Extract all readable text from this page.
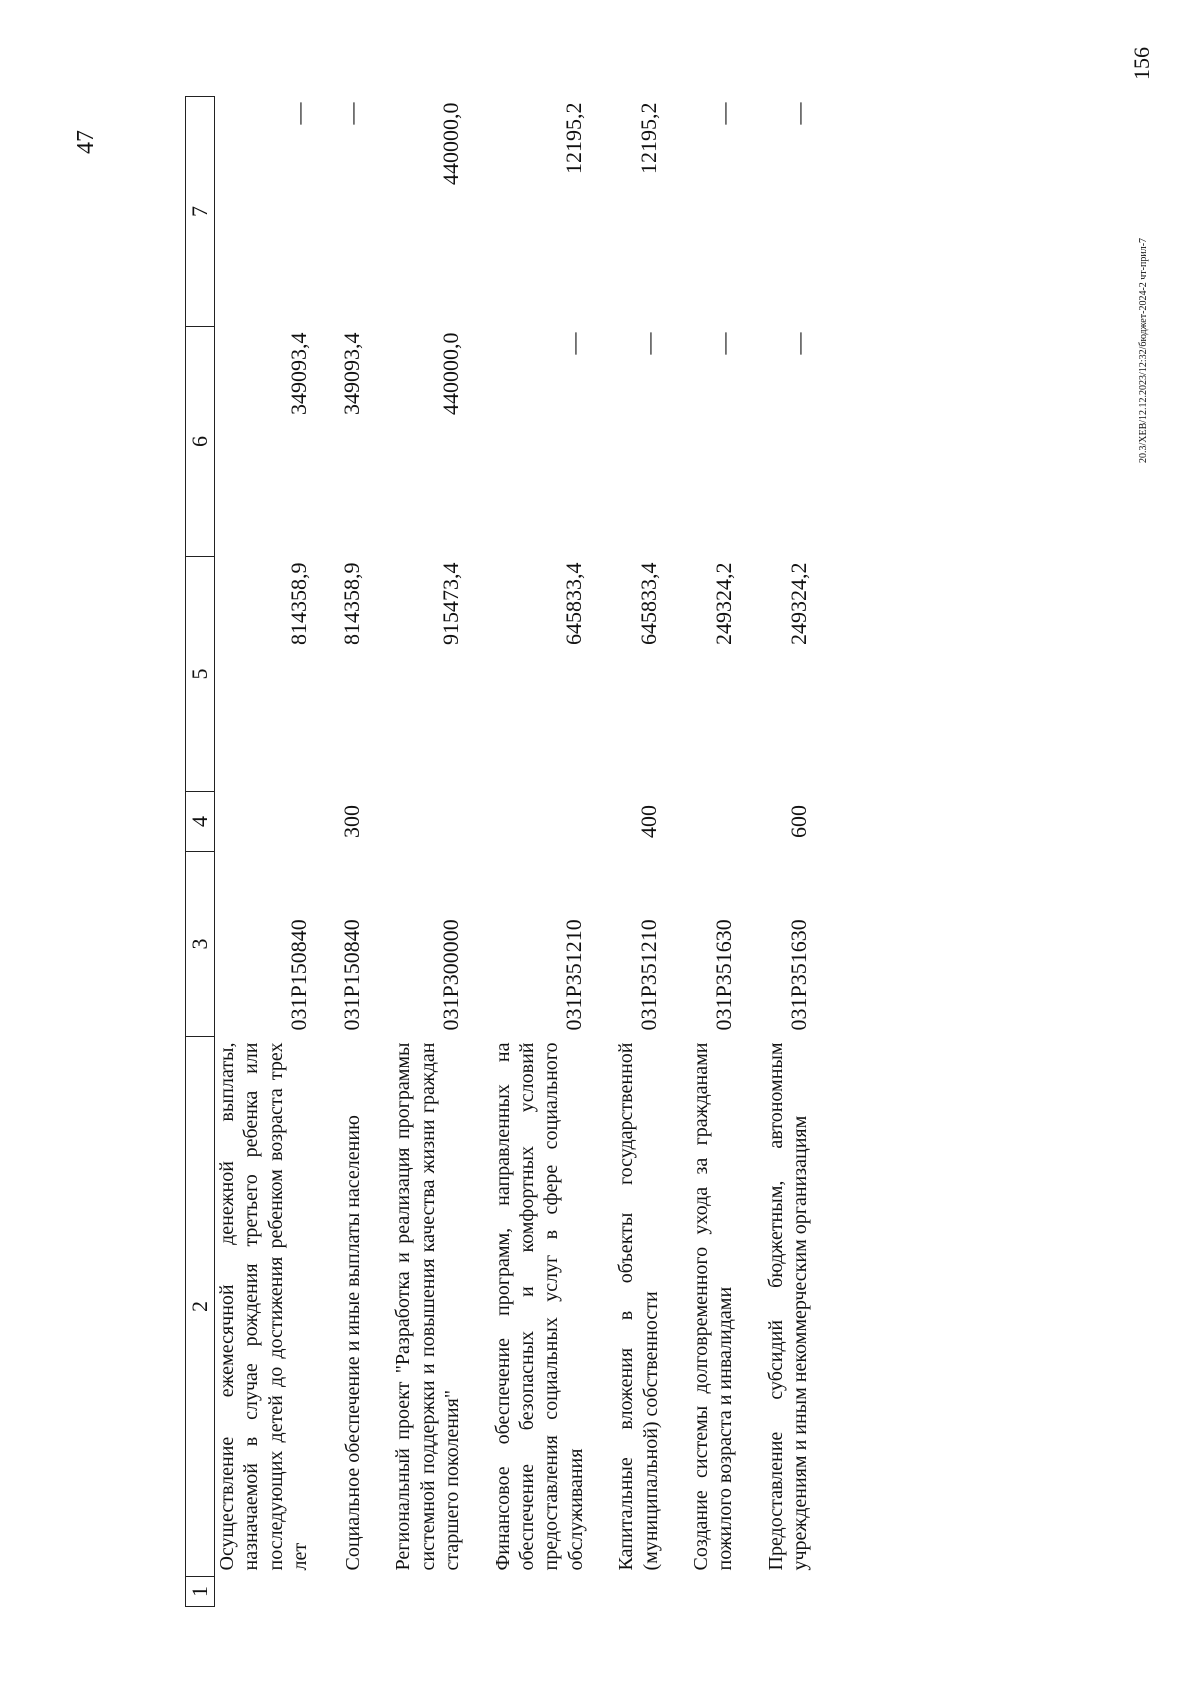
47
1	2	3	4	5	6	7
	Осуществление ежемесячной денежной выплаты, назначаемой в случае рождения третьего ребенка или последующих детей до достижения ребенком возраста трех лет	031Р150840		814358,9	349093,4	—

	Социальное обеспечение и иные выплаты населению	031Р150840	300	814358,9	349093,4	—

	Региональный проект "Разработка и реализация программы системной поддержки и повышения качества жизни граждан старшего поколения"	031Р300000		915473,4	440000,0	440000,0

	Финансовое обеспечение программ, направленных на обеспечение безопасных и комфортных условий предоставления социальных услуг в сфере социального обслуживания	031Р351210		645833,4	—	12195,2

	Капитальные вложения в объекты государственной (муниципальной) собственности	031Р351210	400	645833,4	—	12195,2

	Создание системы долговременного ухода за гражданами пожилого возраста и инвалидами	031Р351630		249324,2	—	—

	Предоставление субсидий бюджетным, автономным учреждениям и иным некоммерческим организациям	031Р351630	600	249324,2	—	—
20.3/ХЕВ/12.12.2023/12:32/бюджет-2024-2 чт-прил-7
156
